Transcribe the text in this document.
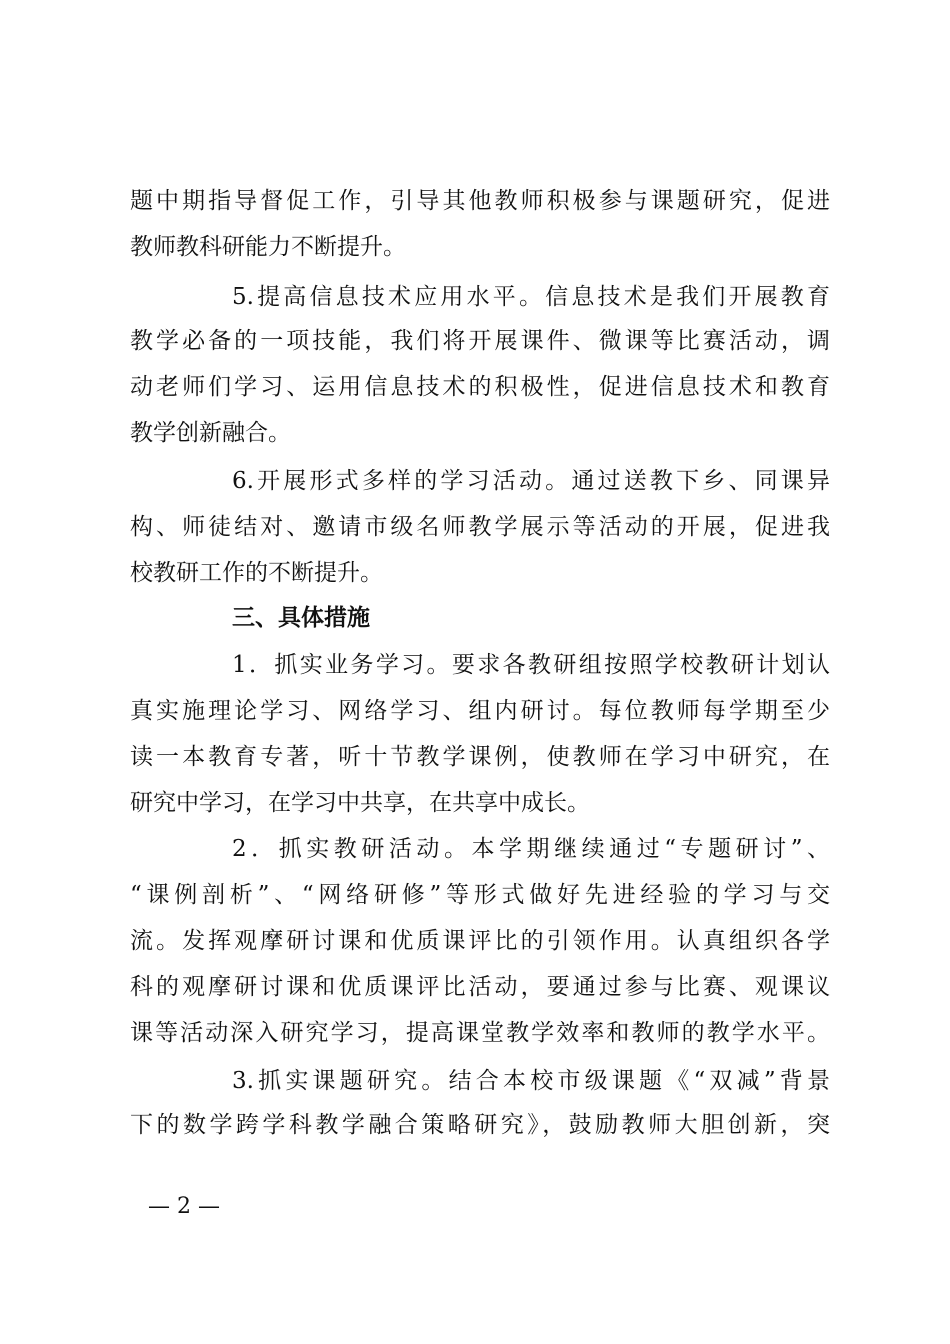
题中期指导督促工作，引导其他教师积极参与课题研究，促进
教师教科研能力不断提升。
5.提高信息技术应用水平。信息技术是我们开展教育
教学必备的一项技能，我们将开展课件、微课等比赛活动，调
动老师们学习、运用信息技术的积极性，促进信息技术和教育
教学创新融合。
6.开展形式多样的学习活动。通过送教下乡、同课异
构、师徒结对、邀请市级名师教学展示等活动的开展，促进我
校教研工作的不断提升。
三、具体措施
1．抓实业务学习。要求各教研组按照学校教研计划认
真实施理论学习、网络学习、组内研讨。每位教师每学期至少
读一本教育专著，听十节教学课例，使教师在学习中研究，在
研究中学习，在学习中共享，在共享中成长。
2．抓实教研活动。本学期继续通过“专题研讨”、
“课例剖析”、“网络研修”等形式做好先进经验的学习与交
流。发挥观摩研讨课和优质课评比的引领作用。认真组织各学
科的观摩研讨课和优质课评比活动，要通过参与比赛、观课议
课等活动深入研究学习，提高课堂教学效率和教师的教学水平。
3.抓实课题研究。结合本校市级课题《“双减”背景
下的数学跨学科教学融合策略研究》，鼓励教师大胆创新，突
— 2 —
